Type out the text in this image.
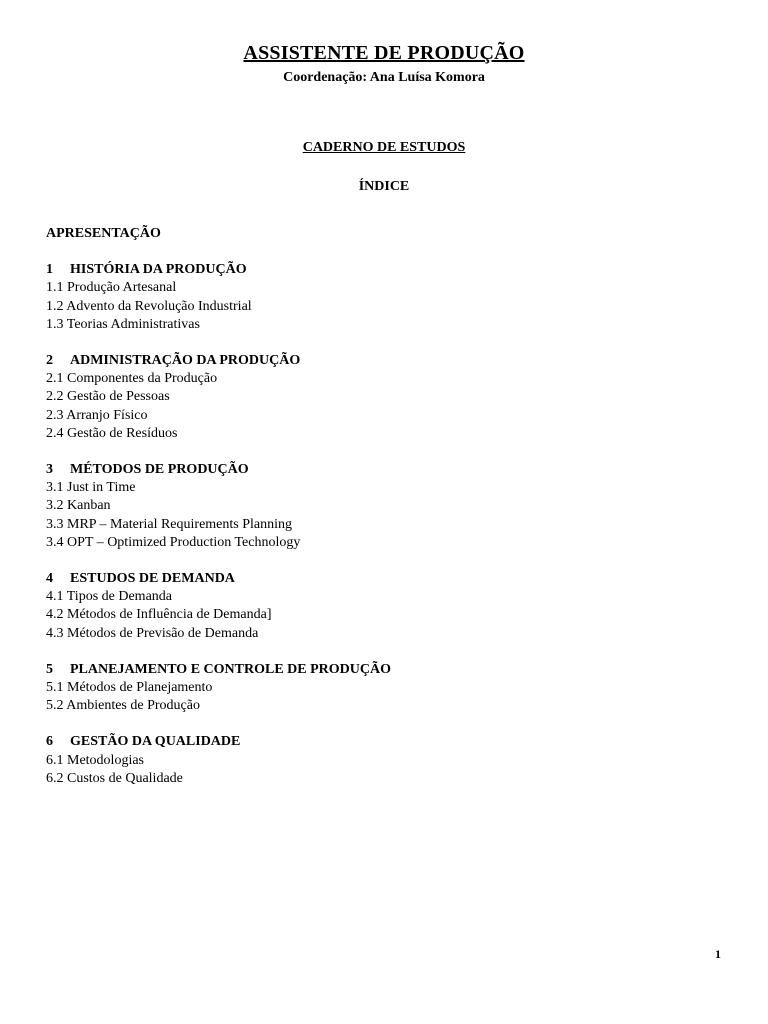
ASSISTENTE DE PRODUÇÃO
Coordenação: Ana Luísa Komora
CADERNO DE ESTUDOS
ÍNDICE
APRESENTAÇÃO
1 HISTÓRIA DA PRODUÇÃO
1.1 Produção Artesanal
1.2 Advento da Revolução Industrial
1.3 Teorias Administrativas
2 ADMINISTRAÇÃO DA PRODUÇÃO
2.1 Componentes da Produção
2.2 Gestão de Pessoas
2.3 Arranjo Físico
2.4 Gestão de Resíduos
3 MÉTODOS DE PRODUÇÃO
3.1 Just in Time
3.2 Kanban
3.3 MRP – Material Requirements Planning
3.4 OPT – Optimized Production Technology
4 ESTUDOS DE DEMANDA
4.1 Tipos de Demanda
4.2 Métodos de Influência de Demanda]
4.3 Métodos de Previsão de Demanda
5 PLANEJAMENTO E CONTROLE DE PRODUÇÃO
5.1 Métodos de Planejamento
5.2 Ambientes de Produção
6 GESTÃO DA QUALIDADE
6.1 Metodologias
6.2 Custos de Qualidade
1
